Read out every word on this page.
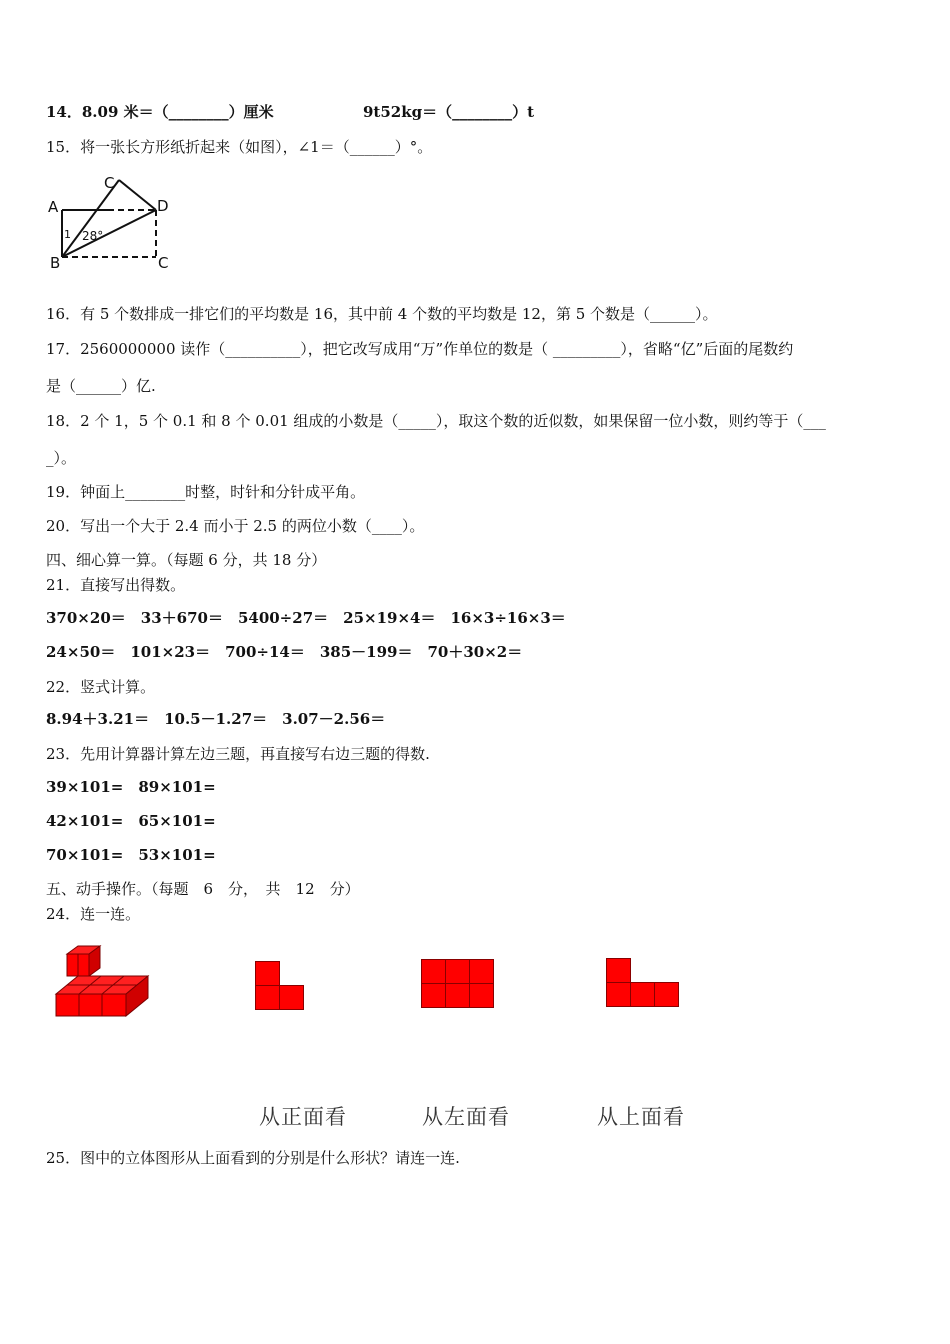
14．8.09 米＝（________）厘米	9t52kg＝（________）t
15．将一张长方形纸折起来（如图），∠1＝（______）°。
A
B
C
D
C
1 28°
16．有 5 个数排成一排它们的平均数是 16，其中前 4 个数的平均数是 12，第 5 个数是（______）。
17．2560000000 读作（__________），把它改写成用“万”作单位的数是（ _________），省略“亿”后面的尾数约
是（______）亿.
18．2 个 1，5 个 0.1 和 8 个 0.01 组成的小数是（_____），取这个数的近似数，如果保留一位小数，则约等于（___
_）。
19．钟面上________时整，时针和分针成平角。
20．写出一个大于 2.4 而小于 2.5 的两位小数（____）。
四、细心算一算。（每题 6 分，共 18 分）
21．直接写出得数。
370×20＝　33＋670＝　5400÷27＝　25×19×4＝　16×3÷16×3＝
24×50＝　101×23＝　700÷14＝　385－199＝　70＋30×2＝
22．竖式计算。
8.94＋3.21＝　10.5－1.27＝　3.07－2.56＝
23．先用计算器计算左边三题，再直接写右边三题的得数.
39×101=　89×101=
42×101=　65×101=
70×101=　53×101=
五、动手操作。（每题　6　分，　共　12　分）
24．连一连。
从正面看	从左面看	从上面看
25．图中的立体图形从上面看到的分别是什么形状？请连一连.
